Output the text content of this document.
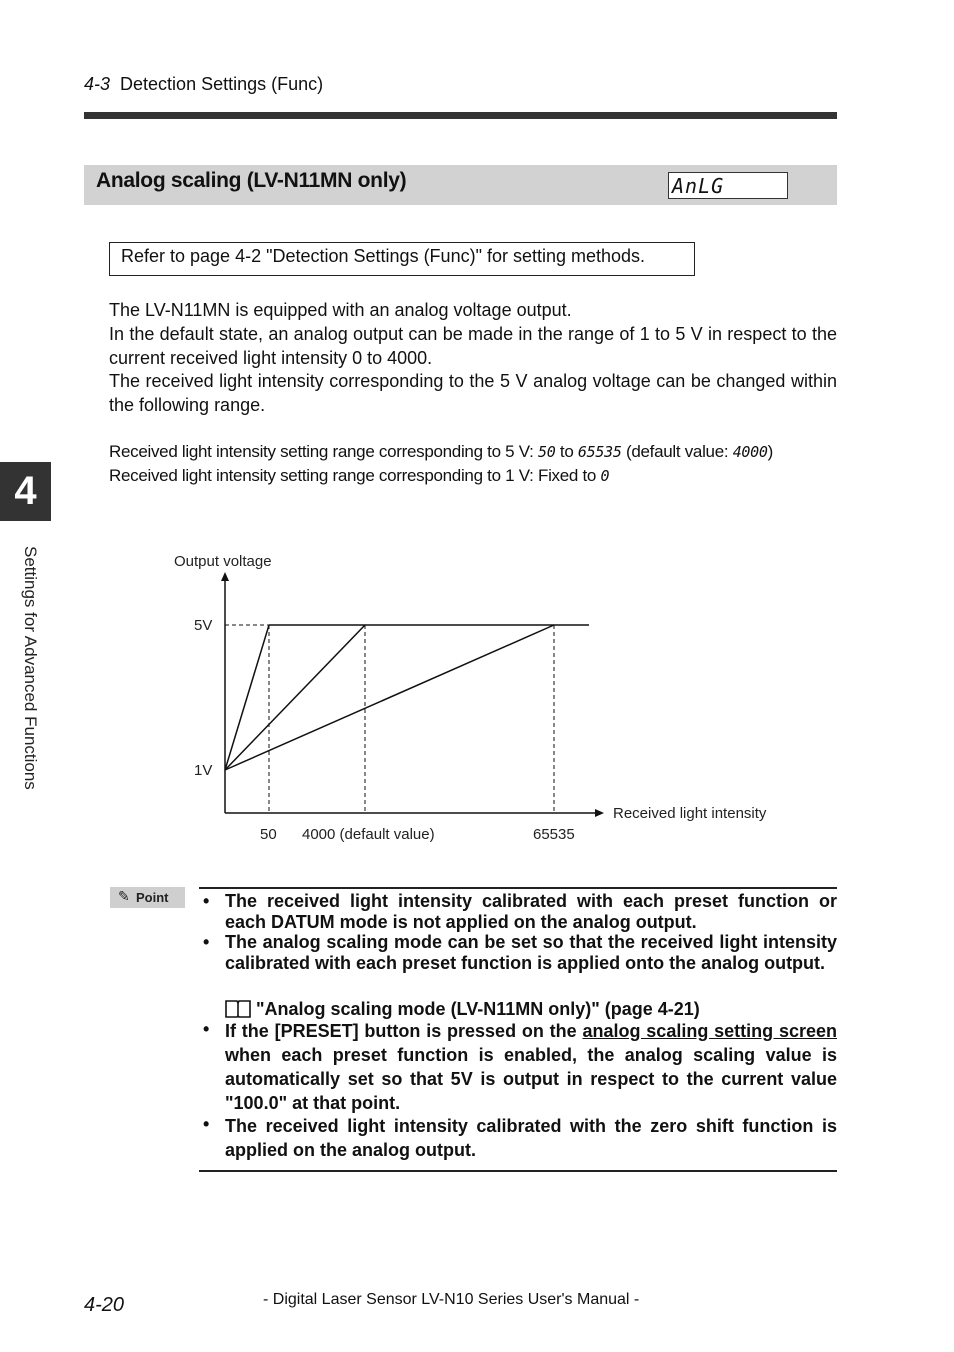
4-3 Detection Settings (Func)
Analog scaling (LV-N11MN only)	AnLG
Refer to page 4-2 "Detection Settings (Func)" for setting methods.
The LV-N11MN is equipped with an analog voltage output.
In the default state, an analog output can be made in the range of 1 to 5 V in respect to the current received light intensity 0 to 4000.
The received light intensity corresponding to the 5 V analog voltage can be changed within the following range.
Received light intensity setting range corresponding to 5 V: 50 to 65535 (default value: 4000)
Received light intensity setting range corresponding to 1 V: Fixed to 0
4
Settings for Advanced Functions	Output voltage
5V
1V
Received light intensity
50 4000 (default value)	65535
✎ Point • The received light intensity calibrated with each preset function or each DATUM mode is not applied on the analog output.
• The analog scaling mode can be set so that the received light intensity calibrated with each preset function is applied onto the analog output.
"Analog scaling mode (LV-N11MN only)" (page 4-21)
• If the [PRESET] button is pressed on the analog scaling setting screen when each preset function is enabled, the analog scaling value is automatically set so that 5V is output in respect to the current value "100.0" at that point.
• The received light intensity calibrated with the zero shift function is applied on the analog output.
4-20	- Digital Laser Sensor LV-N10 Series User's Manual -
